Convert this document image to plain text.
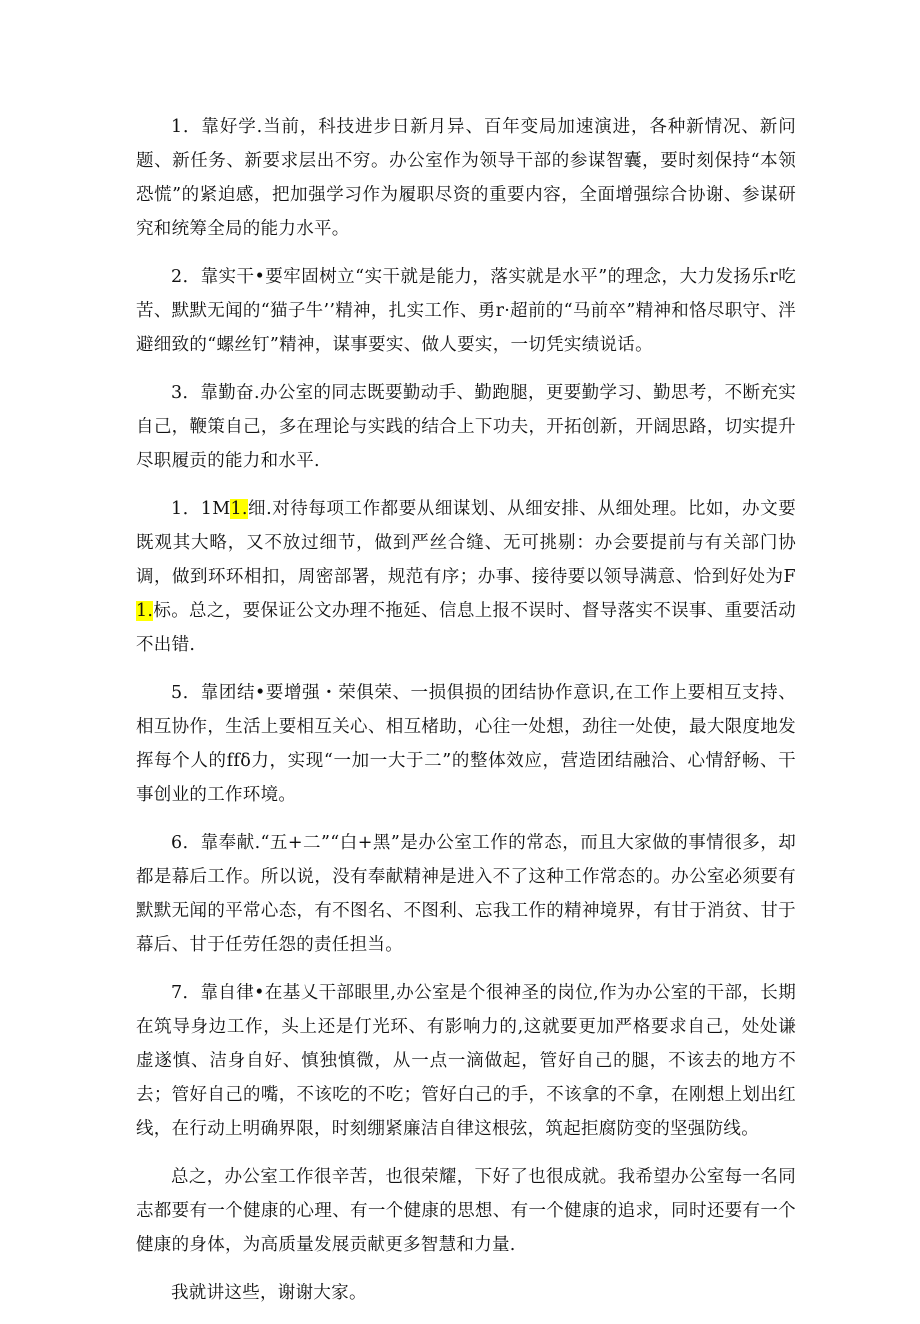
1．靠好学.当前，科技进步日新月异、百年变局加速演进，各种新情况、新问题、新任务、新要求层出不穷。办公室作为领导干部的参谋智囊，要时刻保持“本领恐慌”的紧迫感，把加强学习作为履职尽资的重要内容，全面增强综合协谢、参谋研究和统筹全局的能力水平。

2．靠实干•要牢固树立“实干就是能力，落实就是水平”的理念，大力发扬乐r吃苦、默默无闻的“猫子牛’’精神，扎实工作、勇r·超前的“马前卒”精神和恪尽职守、泮避细致的“螺丝钉”精神，谋事要实、做人要实，一切凭实绩说话。

3．靠勤奋.办公室的同志既要勤动手、勤跑腿，更要勤学习、勤思考，不断充实自己，鞭策自己，多在理论与实践的结合上下功夫，开拓创新，开阔思路，切实提升尽职履贡的能力和水平.

1．1M1.细.对待每项工作都要从细谋划、从细安排、从细处理。比如，办文要既观其大略，又不放过细节，做到严丝合缝、无可挑剔：办会要提前与有关部门协调，做到环环相扣，周密部署，规范有序；办事、接待要以领导满意、恰到好处为F1.标。总之，要保证公文办理不拖延、信息上报不误时、督导落实不误事、重要活动不出错.

5．靠团结•要增强・荣俱荣、一损俱损的团结协作意识,在工作上要相互支持、相互协作，生活上要相互关心、相互楮助，心往一处想，劲往一处使，最大限度地发挥每个人的ffδ力，实现“一加一大于二”的整体效应，营造团结融洽、心情舒畅、干事创业的工作环境。

6．靠奉献.“五+二”“白+黑”是办公室工作的常态，而且大家做的事情很多，却都是幕后工作。所以说，没有奉献精神是进入不了这种工作常态的。办公室必须要有默默无闻的平常心态，有不图名、不图利、忘我工作的精神境界，有甘于消贫、甘于幕后、甘于任劳任怨的责任担当。

7．靠自律•在基乂干部眼里,办公室是个很神圣的岗位,作为办公室的干部，长期在筑导身边工作，头上还是仃光环、有影响力的,这就要更加严格要求自己，处处谦虚遂慎、洁身自好、慎独慎微，从一点一滴做起，管好自己的腿，不该去的地方不去；管好自己的嘴，不该吃的不吃；管好白己的手，不该拿的不拿，在刚想上划出红线，在行动上明确界限，时刻绷紧廉洁自律这根弦，筑起拒腐防变的坚强防线。

总之，办公室工作很辛苦，也很荣耀，下好了也很成就。我希望办公室每一名同志都要有一个健康的心理、有一个健康的思想、有一个健康的追求，同时还要有一个健康的身体，为高质量发展贡献更多智慧和力量.

我就讲这些，谢谢大家。
